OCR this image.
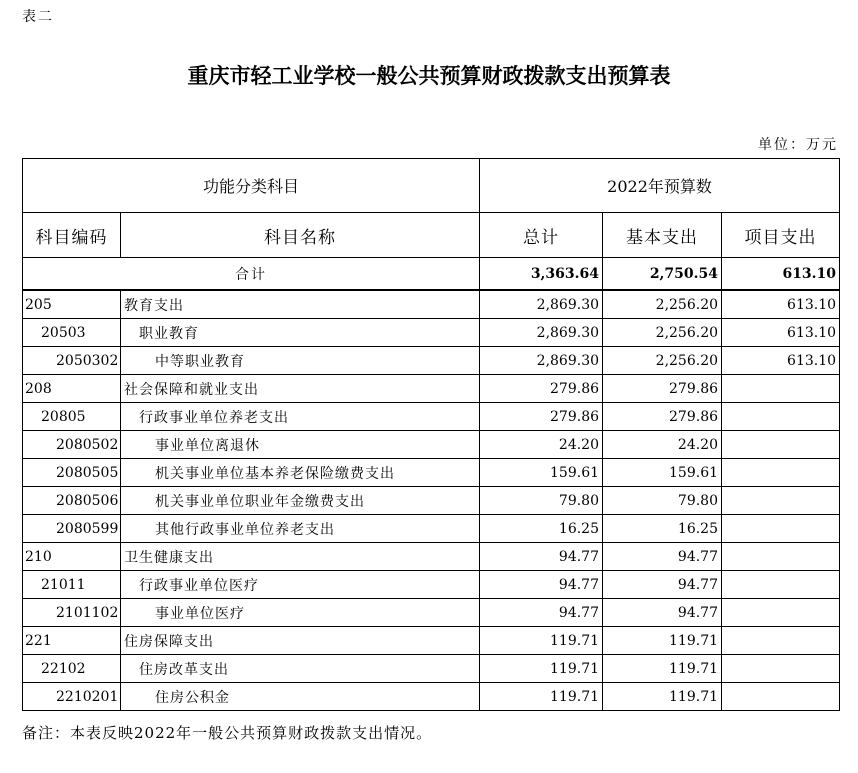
表二
重庆市轻工业学校一般公共预算财政拨款支出预算表
单位：万元
功能分类科目		2022年预算数		
科目编码	科目名称	总计	基本支出	项目支出
合计		3,363.64	2,750.54	613.10
205	教育支出	2,869.30	2,256.20	613.10
20503	职业教育	2,869.30	2,256.20	613.10
2050302	中等职业教育	2,869.30	2,256.20	613.10
208	社会保障和就业支出	279.86	279.86	
20805	行政事业单位养老支出	279.86	279.86	
2080502	事业单位离退休	24.20	24.20	
2080505	机关事业单位基本养老保险缴费支出	159.61	159.61	
2080506	机关事业单位职业年金缴费支出	79.80	79.80	
2080599	其他行政事业单位养老支出	16.25	16.25	
210	卫生健康支出	94.77	94.77	
21011	行政事业单位医疗	94.77	94.77	
2101102	事业单位医疗	94.77	94.77	
221	住房保障支出	119.71	119.71	
22102	住房改革支出	119.71	119.71	
2210201	住房公积金	119.71	119.71	
备注：本表反映2022年一般公共预算财政拨款支出情况。
